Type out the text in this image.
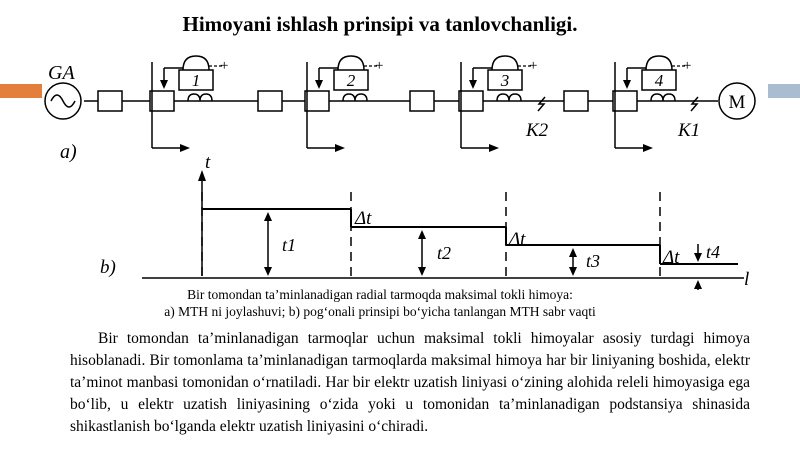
Himoyani ishlash prinsipi va tanlovchanligi.
GA
M
a)	t
l
b)
K2	K1
+
1
+
2
+
3
+
4
Δt
Δt
Δt
t1	t2	t3	t4
Bir tomondan ta’minlanadigan radial tarmoqda maksimal tokli himoya:
a) MTH ni joylashuvi; b) pog‘onali prinsipi bo‘yicha tanlangan MTH sabr vaqti

Bir tomondan ta’minlanadigan tarmoqlar uchun maksimal tokli himoyalar asosiy turdagi himoya hisoblanadi. Bir tomonlama ta’minlanadigan tarmoqlarda maksimal himoya har bir liniyaning boshida, elektr ta’minot manbasi tomonidan o‘rnatiladi. Har bir elektr uzatish liniyasi o‘zining alohida releli himoyasiga ega bo‘lib, u elektr uzatish liniyasining o‘zida yoki u tomonidan ta’minlanadigan podstansiya shinasida shikastlanish bo‘lganda elektr uzatish liniyasini o‘chiradi.
